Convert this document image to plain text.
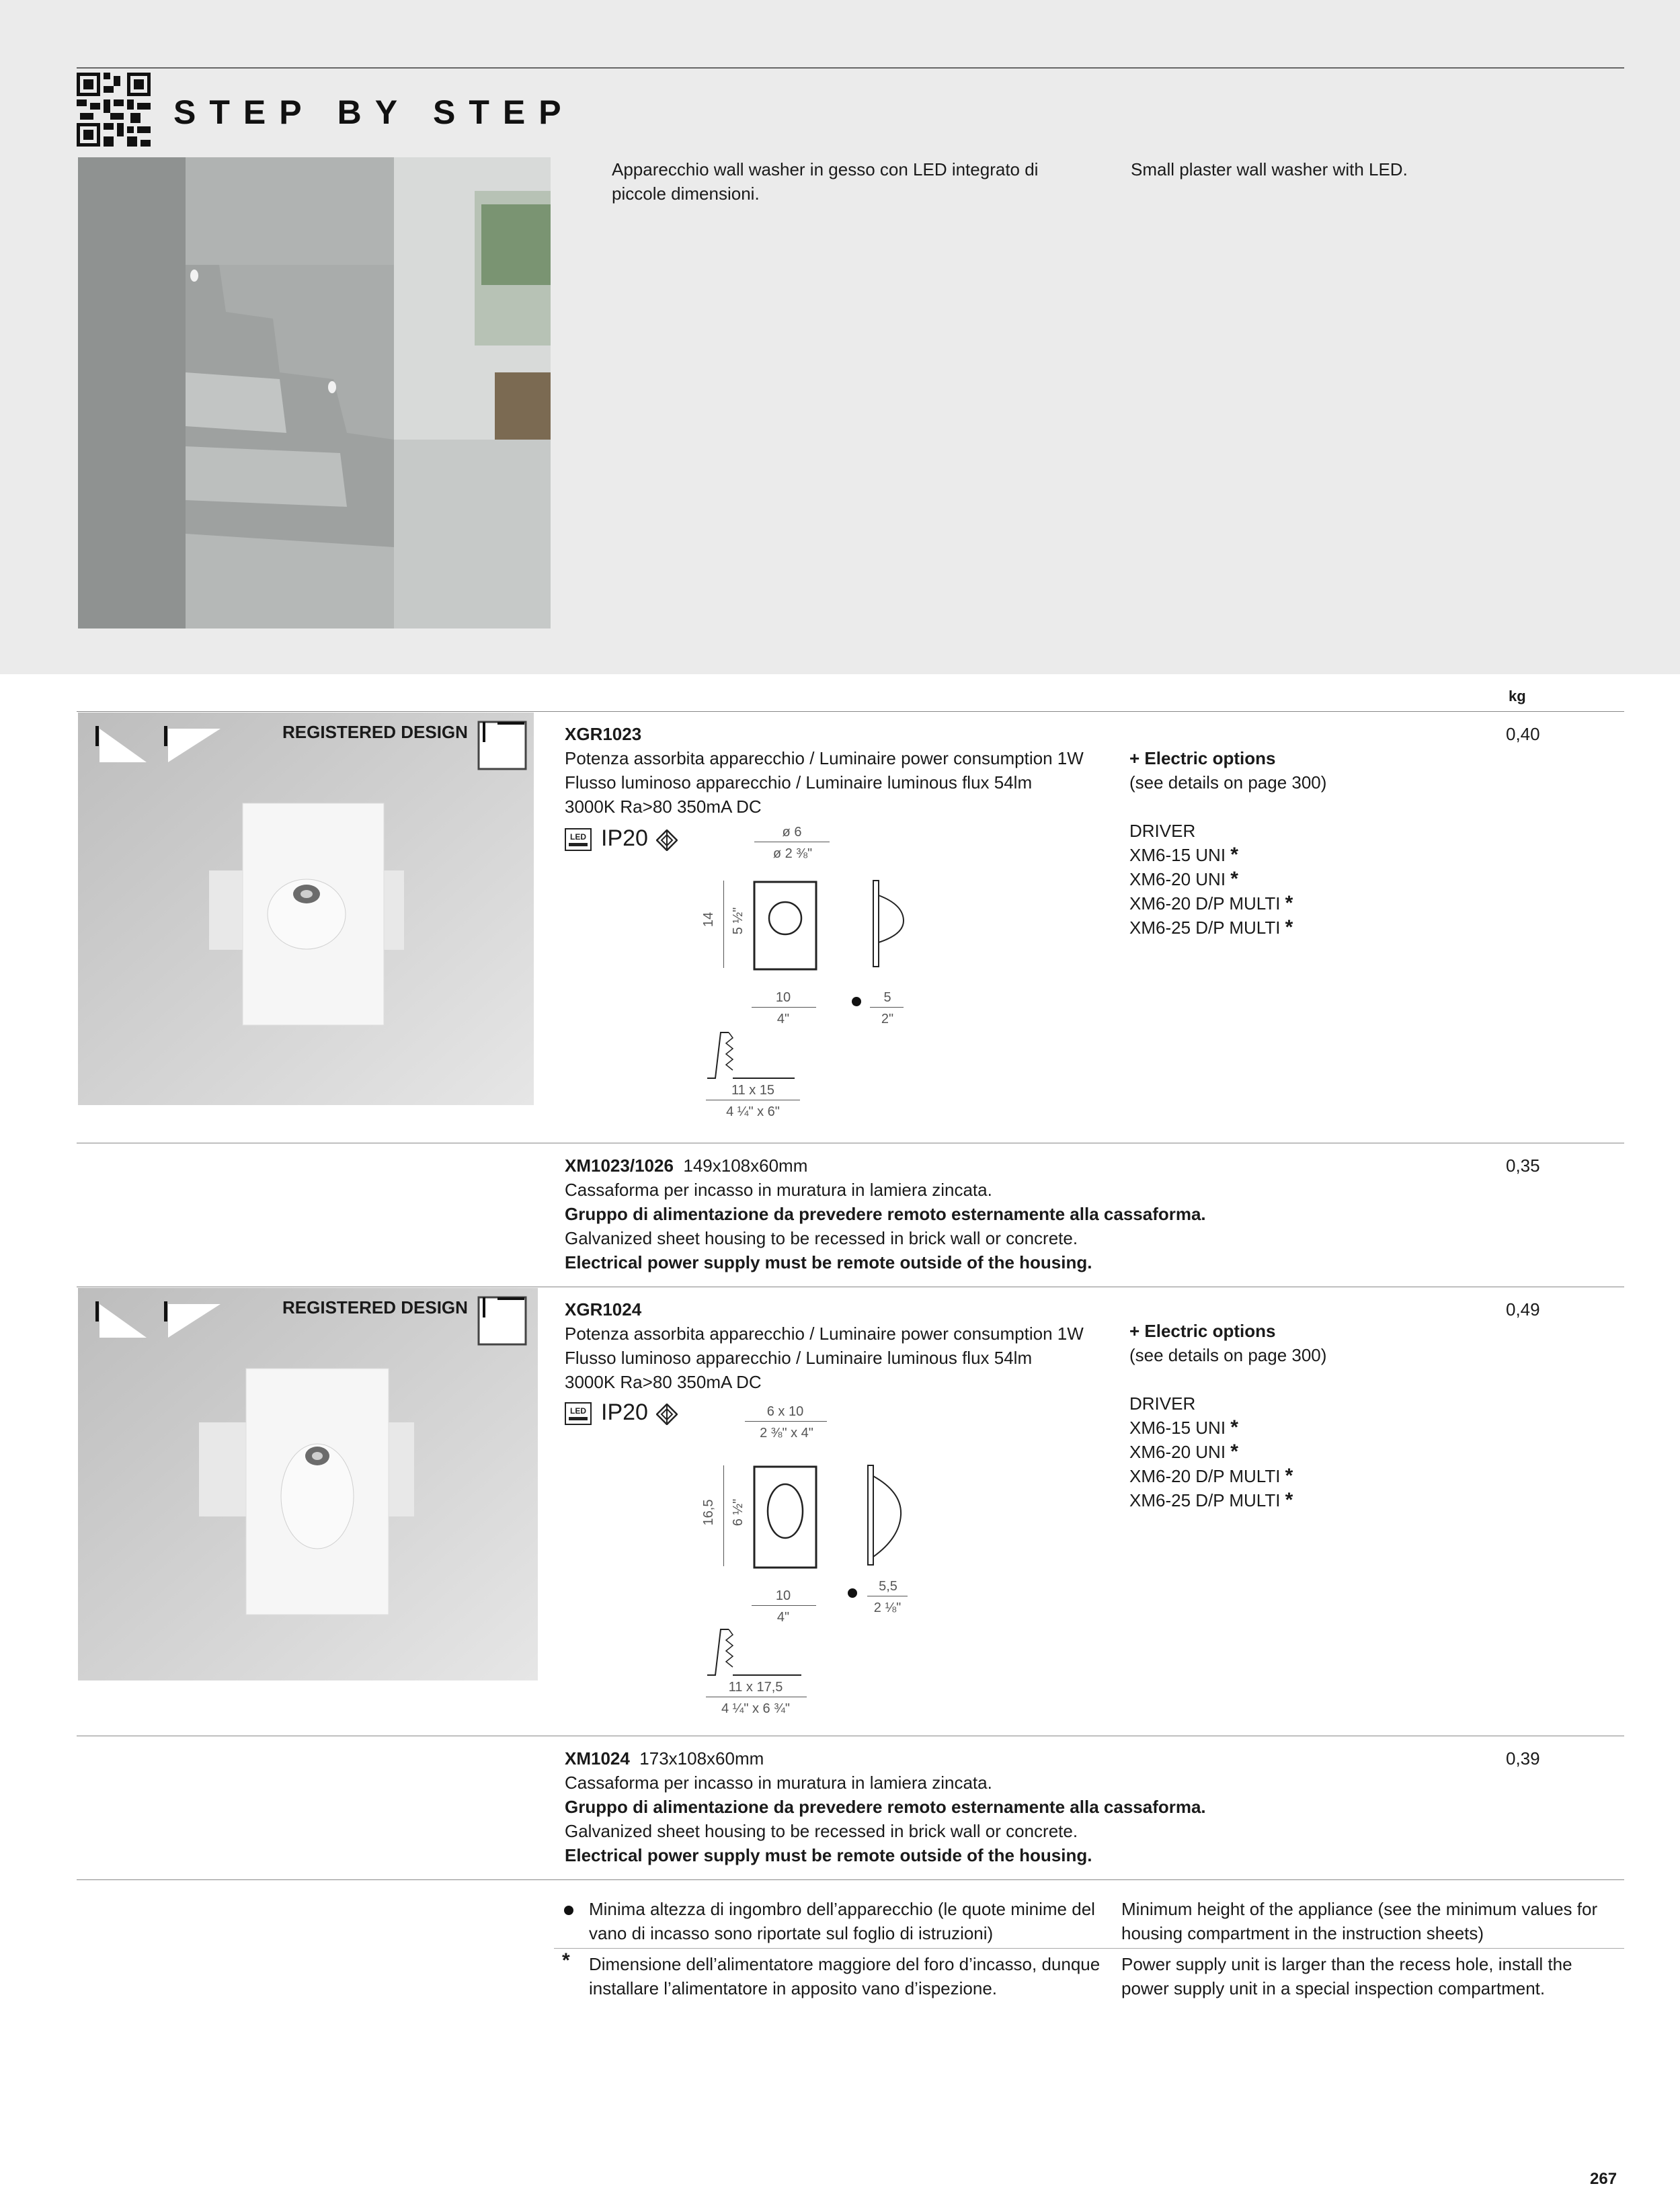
STEP BY STEP
Apparecchio wall washer in gesso con LED integrato di piccole dimensioni.
Small plaster wall washer with LED.
kg
REGISTERED DESIGN	XGR1023
Potenza assorbita apparecchio / Luminaire power consumption 1W
Flusso luminoso apparecchio / Luminaire luminous flux 54lm
3000K Ra>80 350mA DC
LED IP20	ø 6
ø 2 ⅜"
14 5 ½"
10
4"
5
2"
11 x 15
4 ¼" x 6"
+ Electric options
(see details on page 300)
DRIVER
XM6-15 UNI *
XM6-20 UNI *
XM6-20 D/P MULTI *
XM6-25 D/P MULTI *
0,40
XM1023/1026 149x108x60mm
Cassaforma per incasso in muratura in lamiera zincata.
Gruppo di alimentazione da prevedere remoto esternamente alla cassaforma.
Galvanized sheet housing to be recessed in brick wall or concrete.
Electrical power supply must be remote outside of the housing.
0,35
REGISTERED DESIGN	XGR1024
Potenza assorbita apparecchio / Luminaire power consumption 1W
Flusso luminoso apparecchio / Luminaire luminous flux 54lm
3000K Ra>80 350mA DC
LED IP20	6 x 10
2 ⅜" x 4"
16,5 6 ½"
10
4"
5,5
2 ⅛"
11 x 17,5
4 ¼" x 6 ¾"
+ Electric options
(see details on page 300)
DRIVER
XM6-15 UNI *
XM6-20 UNI *
XM6-20 D/P MULTI *
XM6-25 D/P MULTI *
0,49
XM1024 173x108x60mm
Cassaforma per incasso in muratura in lamiera zincata.
Gruppo di alimentazione da prevedere remoto esternamente alla cassaforma.
Galvanized sheet housing to be recessed in brick wall or concrete.
Electrical power supply must be remote outside of the housing.
0,39
Minima altezza di ingombro dell’apparecchio (le quote minime del vano di incasso sono riportate sul foglio di istruzioni)
Minimum height of the appliance (see the minimum values for housing compartment in the instruction sheets)
* Dimensione dell’alimentatore maggiore del foro d’incasso, dunque installare l’alimentatore in apposito vano d’ispezione.
Power supply unit is larger than the recess hole, install the power supply unit in a special inspection compartment.
267
